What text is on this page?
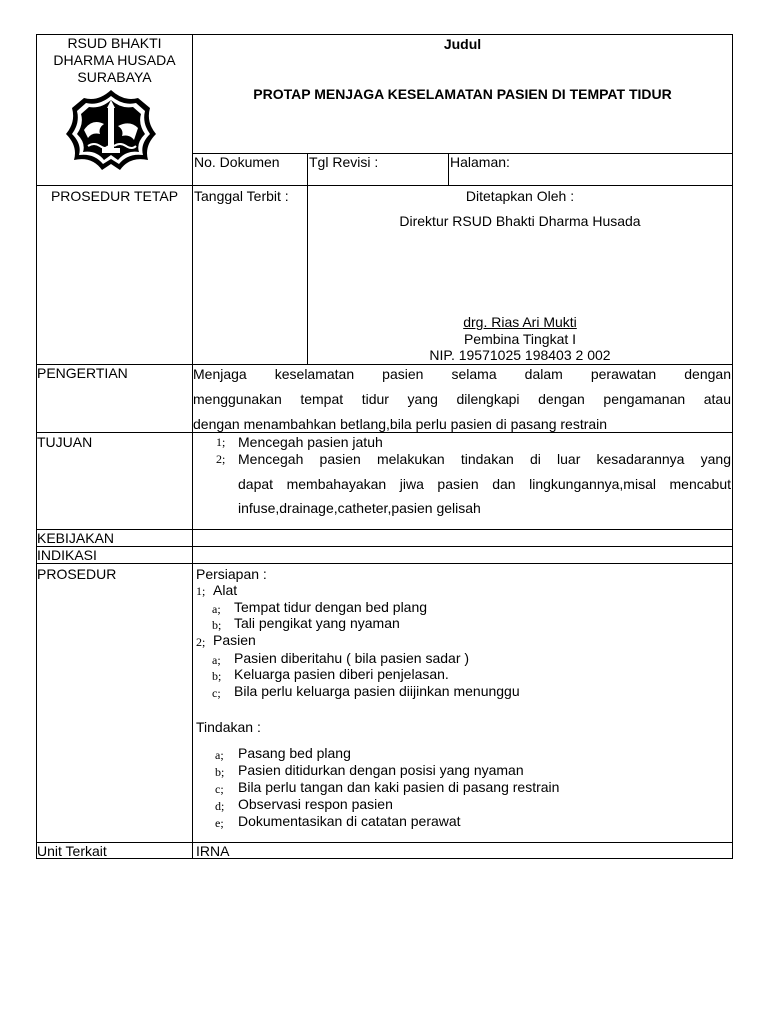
RSUD BHAKTI
DHARMA HUSADA
SURABAYA
Judul
PROTAP MENJAGA KESELAMATAN PASIEN DI TEMPAT TIDUR
No. Dokumen Tgl Revisi :	Halaman:
PROSEDUR TETAP	Tanggal Terbit :	Ditetapkan Oleh :
Direktur RSUD Bhakti Dharma Husada
drg. Rias Ari Mukti
Pembina Tingkat I
NIP. 19571025 198403 2 002
PENGERTIAN	Menjaga keselamatan pasien selama dalam perawatan dengan
menggunakan tempat tidur yang dilengkapi dengan pengamanan atau
dengan menambahkan betlang,bila perlu pasien di pasang restrain
TUJUAN	1; Mencegah pasien jatuh
2; Mencegah pasien melakukan tindakan di luar kesadarannya yang
dapat membahayakan jiwa pasien dan lingkungannya,misal mencabut
infuse,drainage,catheter,pasien gelisah
KEBIJAKAN
INDIKASI
PROSEDUR	Persiapan :
1; Alat
a; Tempat tidur dengan bed plang
b; Tali pengikat yang nyaman
2; Pasien
a; Pasien diberitahu ( bila pasien sadar )
b; Keluarga pasien diberi penjelasan.
c; Bila perlu keluarga pasien diijinkan menunggu
Tindakan :
a; Pasang bed plang
b; Pasien ditidurkan dengan posisi yang nyaman
c; Bila perlu tangan dan kaki pasien di pasang restrain
d; Observasi respon pasien
e; Dokumentasikan di catatan perawat
Unit Terkait	IRNA
